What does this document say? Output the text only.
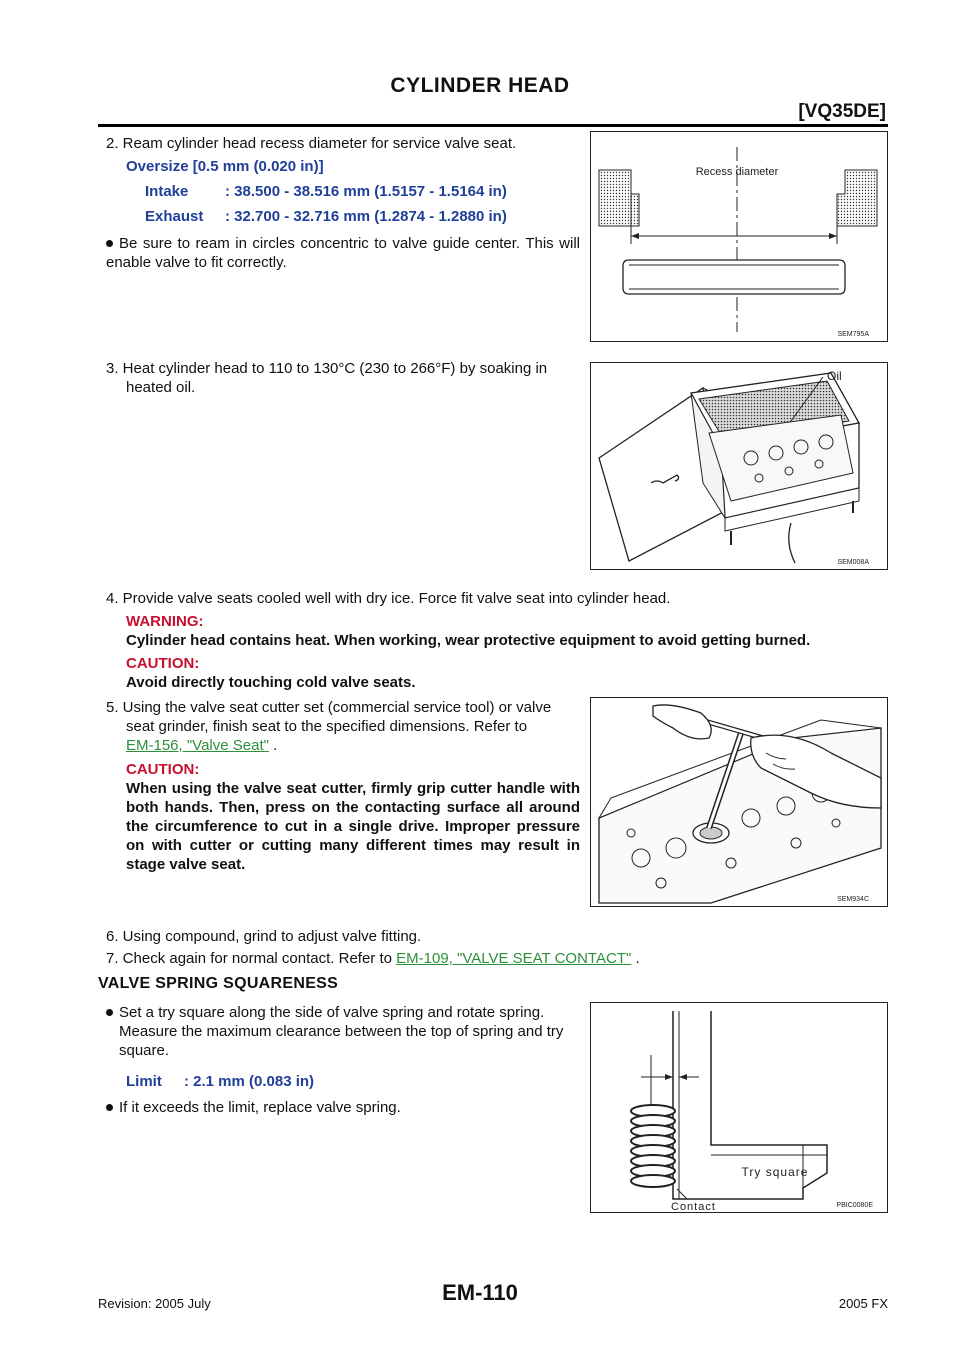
CYLINDER HEAD
[VQ35DE]
2. Ream cylinder head recess diameter for service valve seat.
Oversize [0.5 mm (0.020 in)]
Intake : 38.500 - 38.516 mm (1.5157 - 1.5164 in)
Exhaust : 32.700 - 32.716 mm (1.2874 - 1.2880 in)
Be sure to ream in circles concentric to valve guide center. This will enable valve to fit correctly.
Recess diameter
SEM795A
3. Heat cylinder head to 110 to 130°C (230 to 266°F) by soaking in
heated oil.
Oil
SEM008A
4. Provide valve seats cooled well with dry ice. Force fit valve seat into cylinder head.
WARNING:
Cylinder head contains heat. When working, wear protective equipment to avoid getting burned.
CAUTION:
Avoid directly touching cold valve seats.
5. Using the valve seat cutter set (commercial service tool) or valve
seat grinder, finish seat to the specified dimensions. Refer to
EM-156, "Valve Seat" .
CAUTION:
When using the valve seat cutter, firmly grip cutter handle with both hands. Then, press on the contacting surface all around the circumference to cut in a single drive. Improper pressure on with cutter or cutting many different times may result in stage valve seat.
SEM934C
6. Using compound, grind to adjust valve fitting.
7. Check again for normal contact. Refer to EM-109, "VALVE SEAT CONTACT" .
VALVE SPRING SQUARENESS
Set a try square along the side of valve spring and rotate spring. Measure the maximum clearance between the top of spring and try square.
Limit : 2.1 mm (0.083 in)
If it exceeds the limit, replace valve spring.
Try square
Contact	PBIC0080E
Revision: 2005 July	EM-110	2005 FX
